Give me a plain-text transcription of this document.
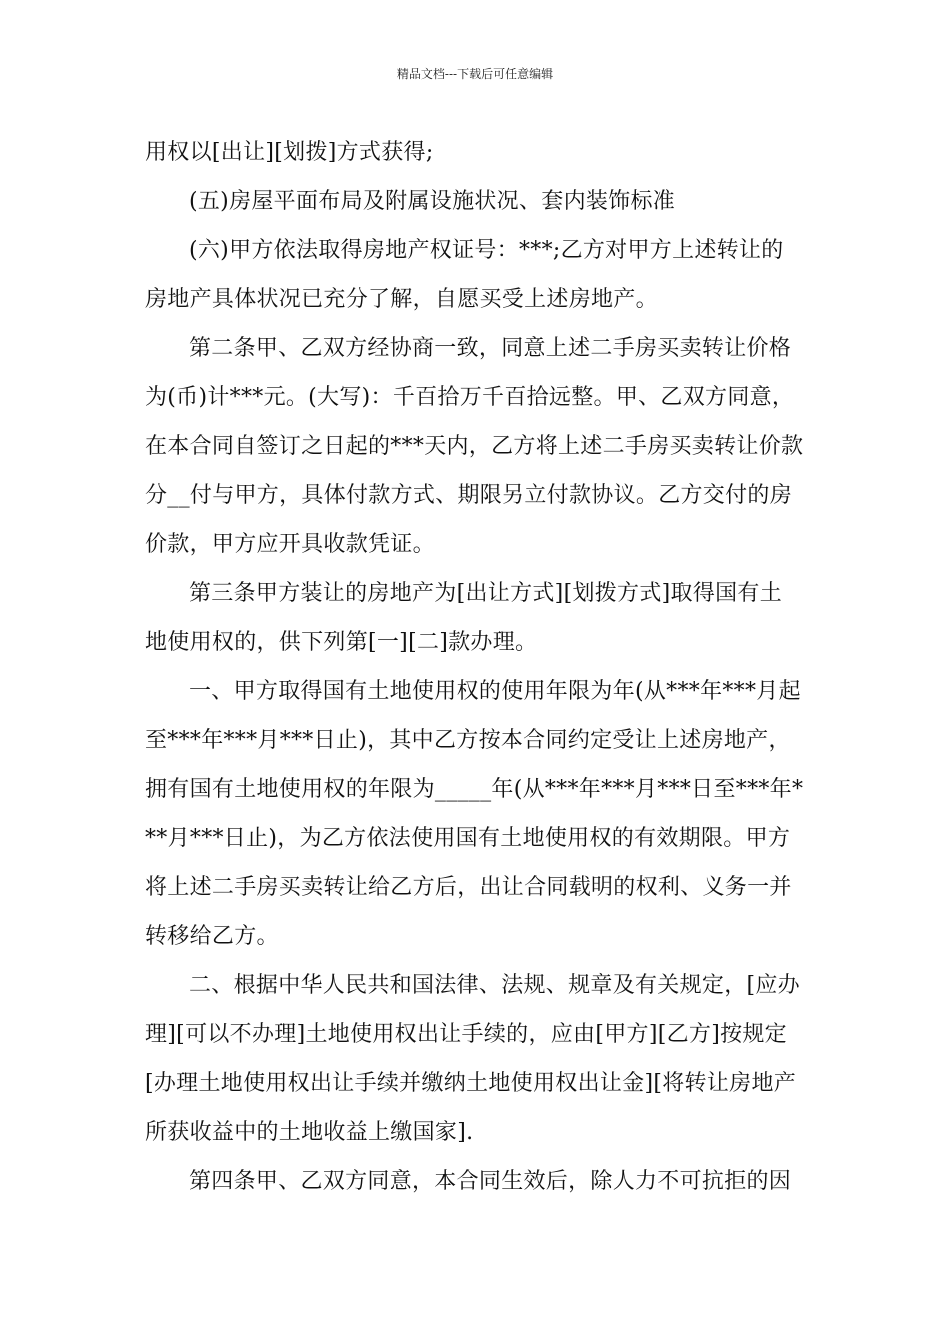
精品文档---下载后可任意编辑
用权以[出让][划拨]方式获得;
(五)房屋平面布局及附属设施状况、套内装饰标准
(六)甲方依法取得房地产权证号：***;乙方对甲方上述转让的
房地产具体状况已充分了解，自愿买受上述房地产。
第二条甲、乙双方经协商一致，同意上述二手房买卖转让价格
为(币)计***元。(大写)：千百拾万千百拾远整。甲、乙双方同意，
在本合同自签订之日起的***天内，乙方将上述二手房买卖转让价款
分__付与甲方，具体付款方式、期限另立付款协议。乙方交付的房
价款，甲方应开具收款凭证。
第三条甲方装让的房地产为[出让方式][划拨方式]取得国有土
地使用权的，供下列第[一][二]款办理。
一、甲方取得国有土地使用权的使用年限为年(从***年***月起
至***年***月***日止)，其中乙方按本合同约定受让上述房地产，
拥有国有土地使用权的年限为_____年(从***年***月***日至***年*
**月***日止)，为乙方依法使用国有土地使用权的有效期限。甲方
将上述二手房买卖转让给乙方后，出让合同载明的权利、义务一并
转移给乙方。
二、根据中华人民共和国法律、法规、规章及有关规定，[应办
理][可以不办理]土地使用权出让手续的，应由[甲方][乙方]按规定
[办理土地使用权出让手续并缴纳土地使用权出让金][将转让房地产
所获收益中的土地收益上缴国家].
第四条甲、乙双方同意，本合同生效后，除人力不可抗拒的因
